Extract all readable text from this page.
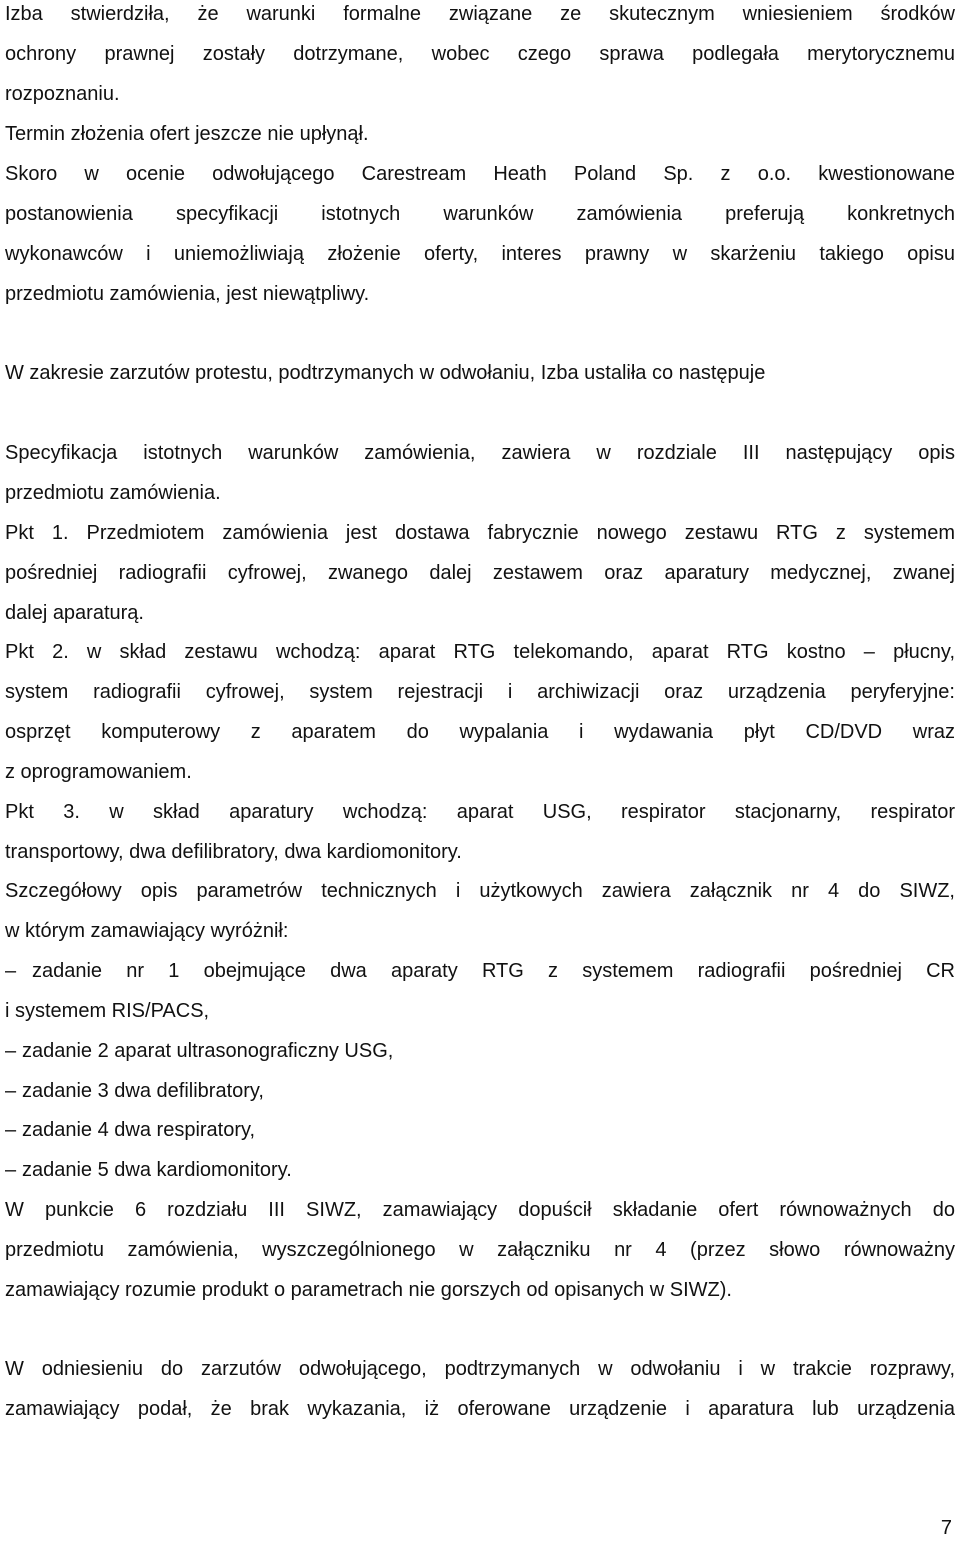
Izba stwierdziła, że warunki formalne związane ze skutecznym wniesieniem środków
ochrony prawnej zostały dotrzymane, wobec czego sprawa podlegała merytorycznemu
rozpoznaniu.
Termin złożenia ofert jeszcze nie upłynął.
Skoro w ocenie odwołującego Carestream Heath Poland Sp. z o.o. kwestionowane
postanowienia specyfikacji istotnych warunków zamówienia preferują konkretnych
wykonawców i uniemożliwiają złożenie oferty, interes prawny w skarżeniu takiego opisu
przedmiotu zamówienia, jest niewątpliwy.
W zakresie zarzutów protestu, podtrzymanych w odwołaniu, Izba ustaliła co następuje
Specyfikacja istotnych warunków zamówienia, zawiera w rozdziale III następujący opis
przedmiotu zamówienia.
Pkt 1. Przedmiotem zamówienia jest dostawa fabrycznie nowego zestawu RTG z systemem
pośredniej radiografii cyfrowej, zwanego dalej zestawem oraz aparatury medycznej, zwanej
dalej aparaturą.
Pkt 2. w skład zestawu wchodzą: aparat RTG telekomando, aparat RTG kostno – płucny,
system radiografii cyfrowej, system rejestracji i archiwizacji oraz urządzenia peryferyjne:
osprzęt komputerowy z aparatem do wypalania i wydawania płyt CD/DVD wraz
z oprogramowaniem.
Pkt 3. w skład aparatury wchodzą: aparat USG, respirator stacjonarny, respirator
transportowy, dwa defilibratory, dwa kardiomonitory.
Szczegółowy opis parametrów technicznych i użytkowych zawiera załącznik nr 4 do SIWZ,
w którym zamawiający wyróżnił:
– zadanie nr 1 obejmujące dwa aparaty RTG z systemem radiografii pośredniej CR
i systemem RIS/PACS,
– zadanie 2 aparat ultrasonograficzny USG,
– zadanie 3 dwa defilibratory,
– zadanie 4 dwa respiratory,
– zadanie 5 dwa kardiomonitory.
W punkcie 6 rozdziału III SIWZ, zamawiający dopuścił składanie ofert równoważnych do
przedmiotu zamówienia, wyszczególnionego w załączniku nr 4 (przez słowo równoważny
zamawiający rozumie produkt o parametrach nie gorszych od opisanych w SIWZ).
W odniesieniu do zarzutów odwołującego, podtrzymanych w odwołaniu i w trakcie rozprawy,
zamawiający podał, że brak wykazania, iż oferowane urządzenie i aparatura lub urządzenia
7
